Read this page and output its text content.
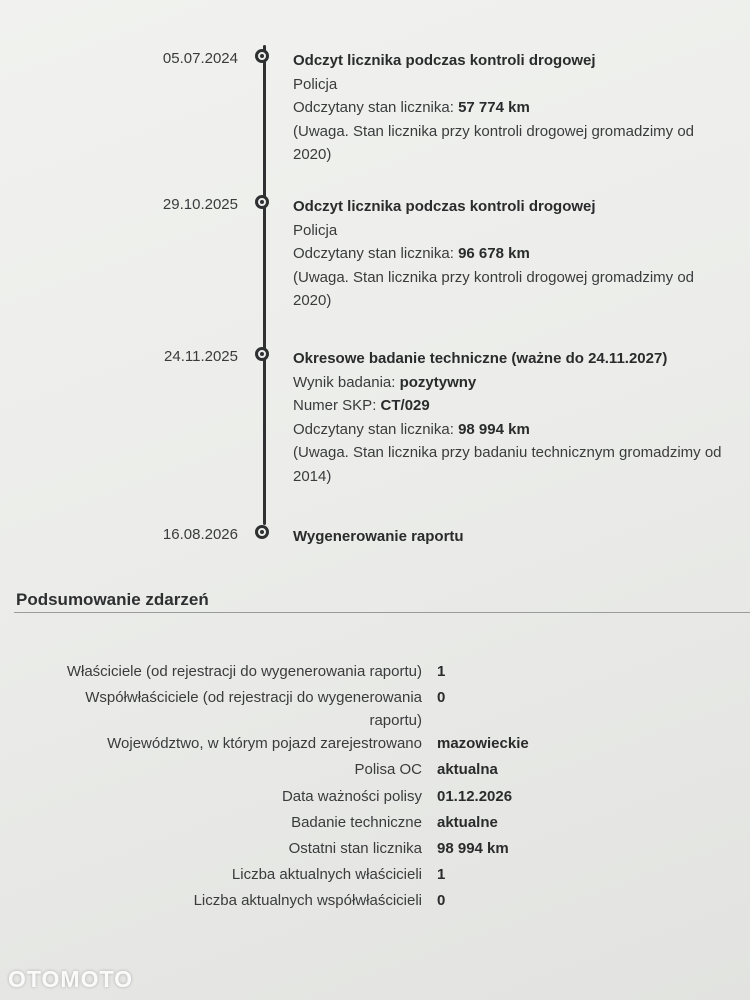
05.07.2024	Odczyt licznika podczas kontroli drogowej
Policja
Odczytany stan licznika: 57 774 km
(Uwaga. Stan licznika przy kontroli drogowej gromadzimy od
2020)
29.10.2025	Odczyt licznika podczas kontroli drogowej
Policja
Odczytany stan licznika: 96 678 km
(Uwaga. Stan licznika przy kontroli drogowej gromadzimy od
2020)
24.11.2025	Okresowe badanie techniczne (ważne do 24.11.2027)
Wynik badania: pozytywny
Numer SKP: CT/029
Odczytany stan licznika: 98 994 km
(Uwaga. Stan licznika przy badaniu technicznym gromadzimy od
2014)
16.08.2026	Wygenerowanie raportu
Podsumowanie zdarzeń
Właściciele (od rejestracji do wygenerowania raportu) 1
Współwłaściciele (od rejestracji do wygenerowania
raportu)
0
Województwo, w którym pojazd zarejestrowano mazowieckie
Polisa OC aktualna
Data ważności polisy 01.12.2026
Badanie techniczne aktualne
Ostatni stan licznika 98 994 km
Liczba aktualnych właścicieli 1
Liczba aktualnych współwłaścicieli 0
OTOMOTO
